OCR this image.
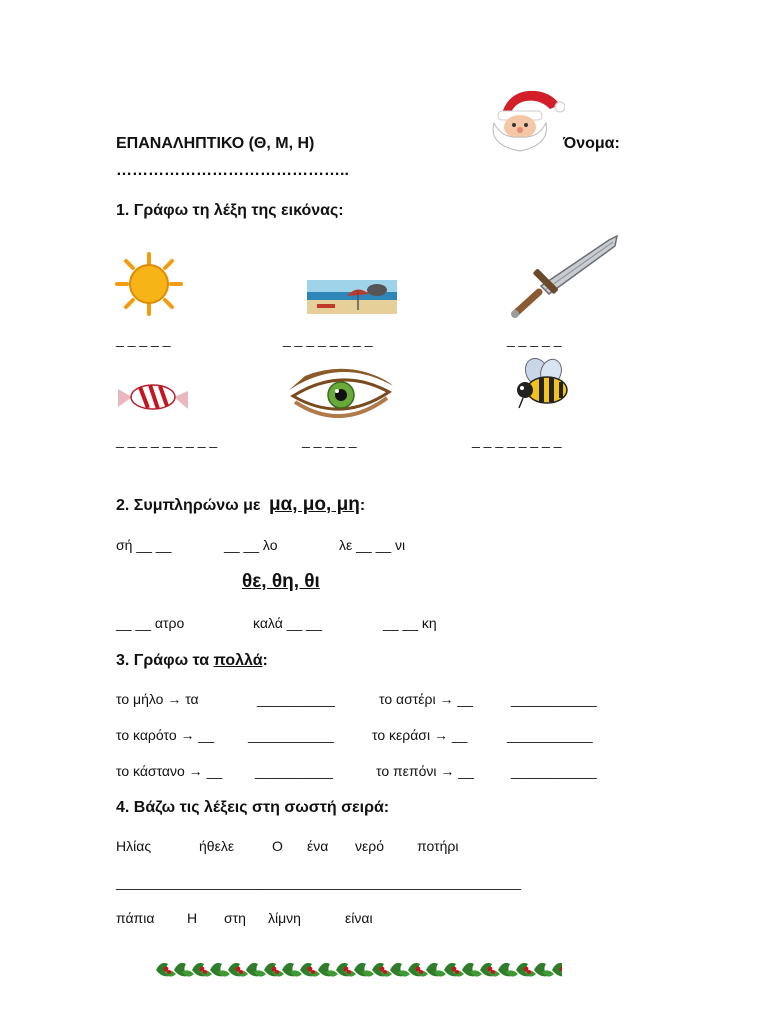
ΕΠΑΝΑΛΗΠΤΙΚΟ (Θ, Μ, Η)	Όνομα:
……………………………………..
1. Γράφω τη λέξη της εικόνας:
_ _ _ _ _	_ _ _ _ _ _ _ _	_ _ _ _ _
_ _ _ _ _ _ _ _ _	_ _ _ _ _	_ _ _ _ _ _ _ _
2. Συμπληρώνω με μα, μο, μη:
σή __ __	__ __ λο	λε __ __ νι
θε, θη, θι
__ __ ατρο	καλά __ __	__ __ κη
3. Γράφω τα πολλά:
το μήλο → τα	__________	το αστέρι → __	___________
το καρότο → __ ___________	το κεράσι → __	___________
το κάστανο → __ __________	το πεπόνι → __	___________
4. Βάζω τις λέξεις στη σωστή σειρά:
Ηλίας	ήθελε	Ο ένα νερό ποτήρι
____________________________________________________
πάπια Η στη λίμνη	είναι
